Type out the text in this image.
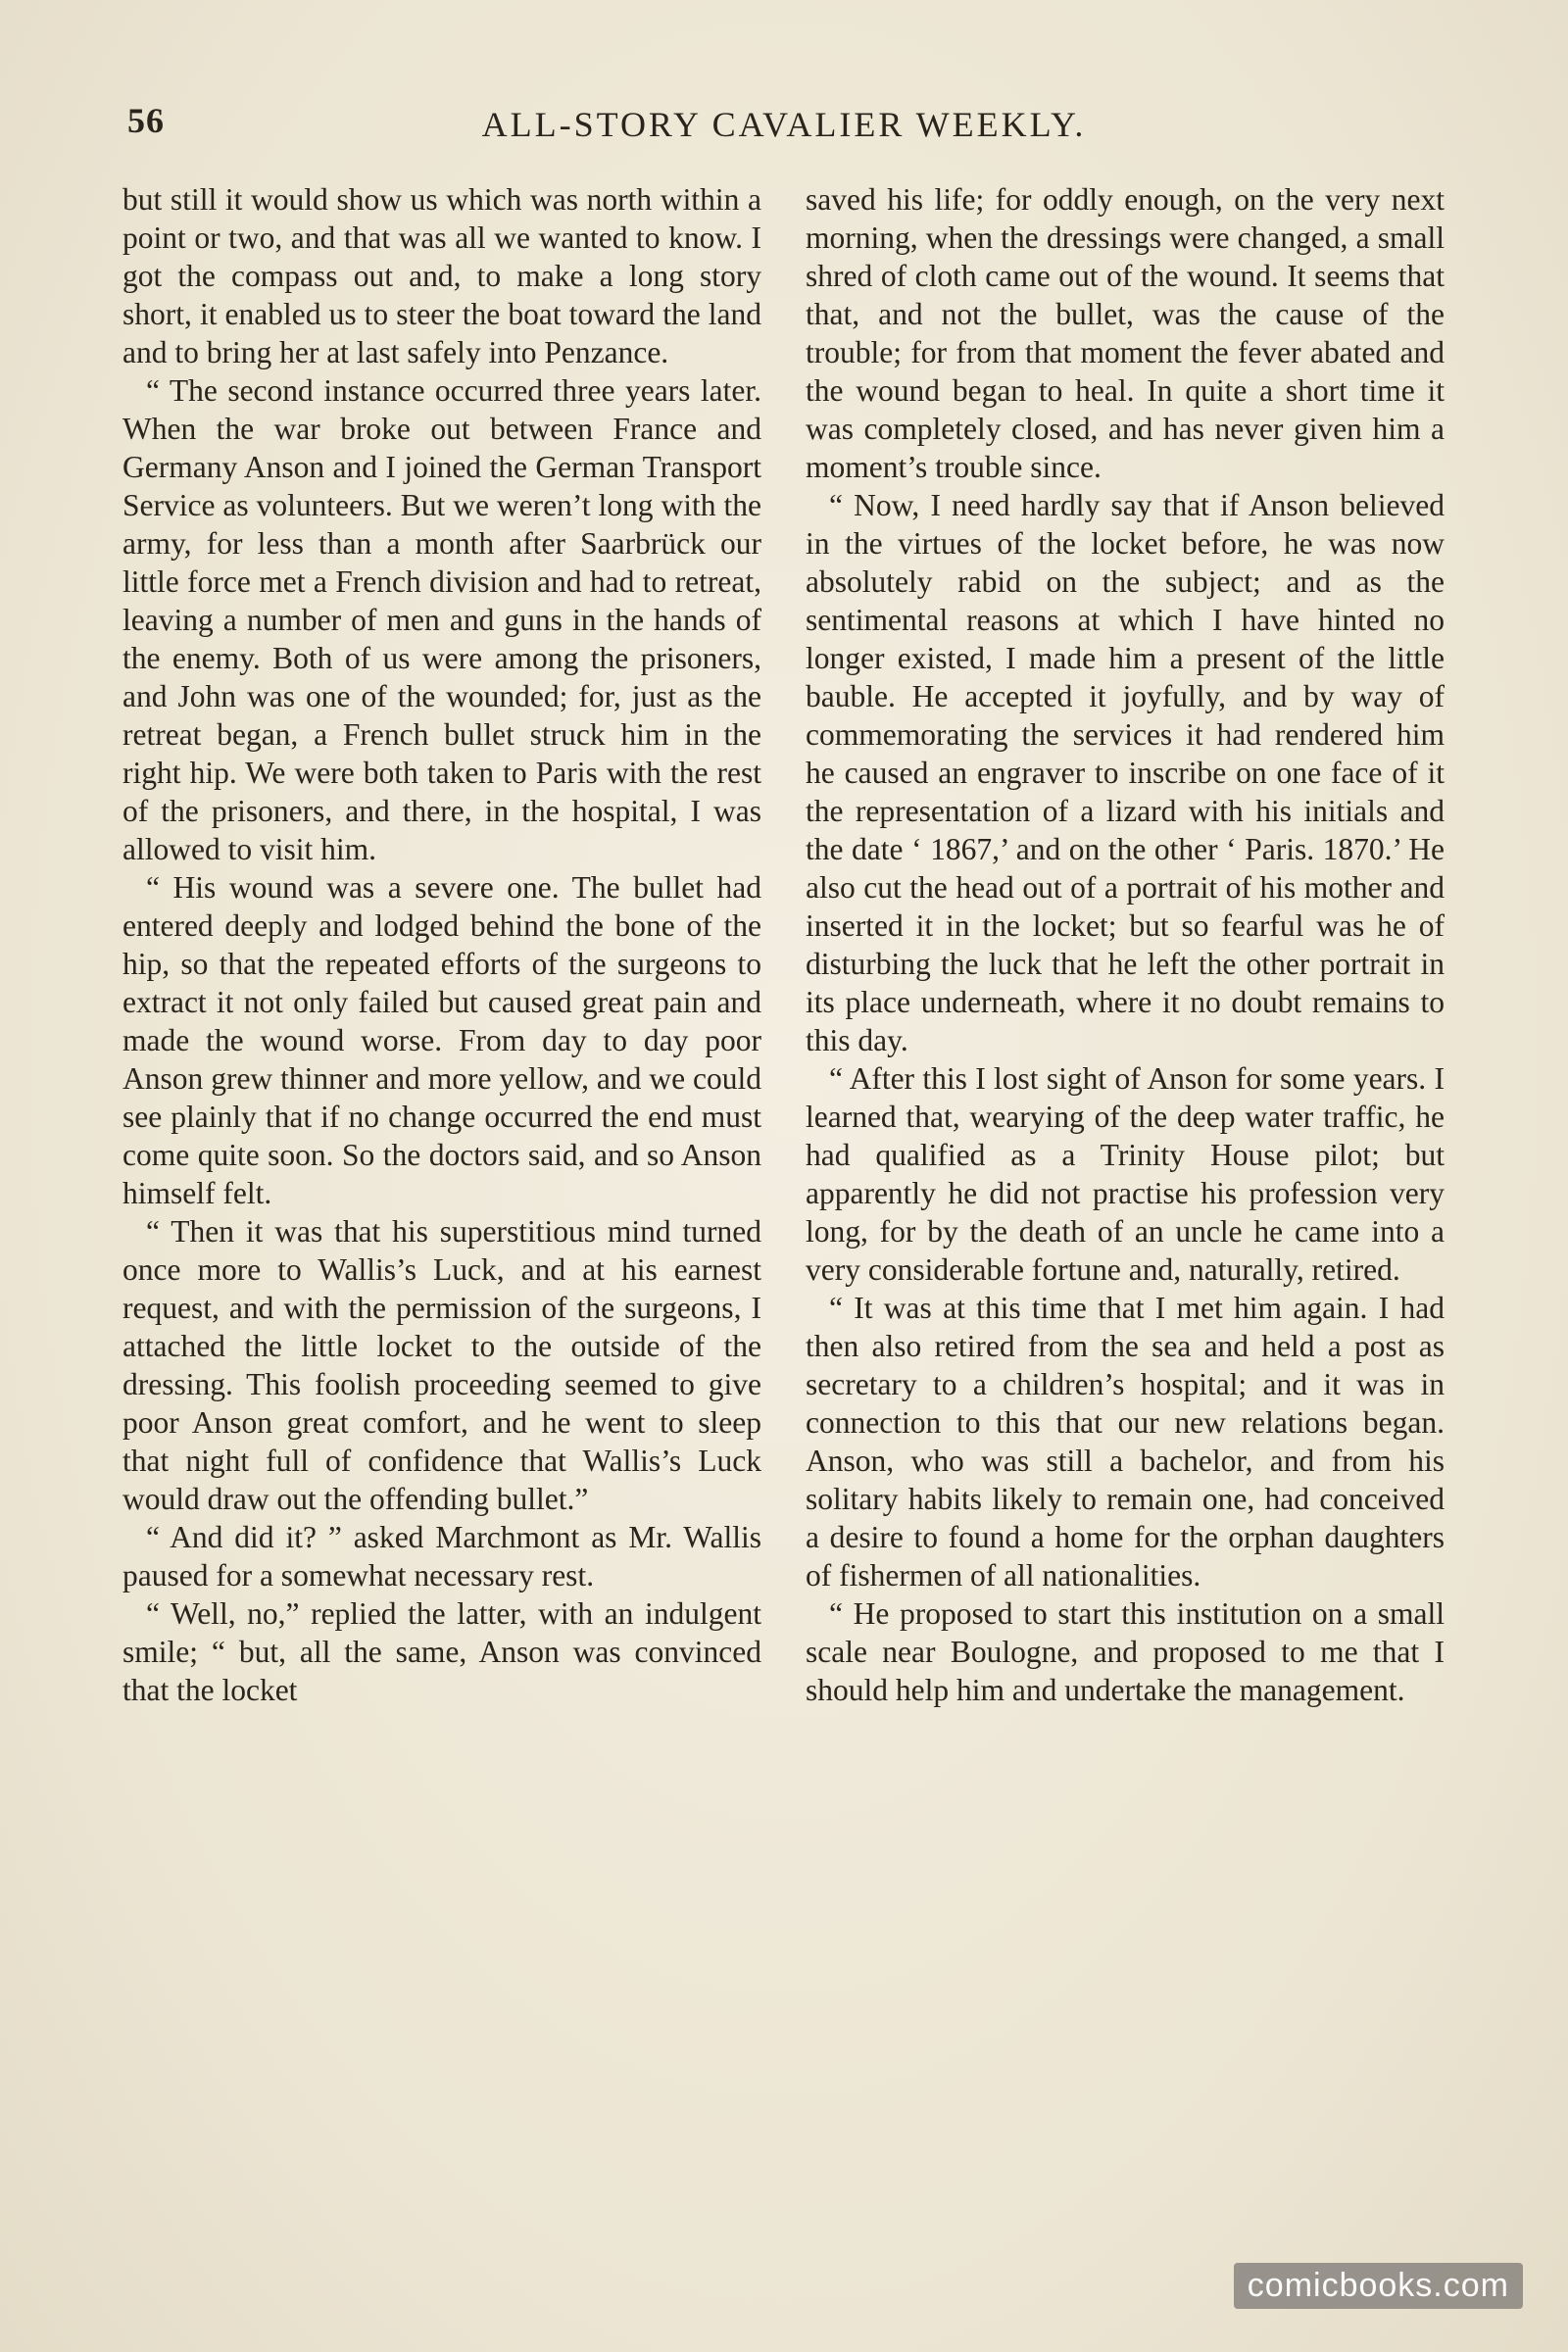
56	ALL-STORY CAVALIER WEEKLY.

but still it would show us which was north within a point or two, and that was all we wanted to know. I got the compass out and, to make a long story short, it enabled us to steer the boat toward the land and to bring her at last safely into Penzance.

“ The second instance occurred three years later. When the war broke out between France and Germany Anson and I joined the German Transport Service as volunteers. But we weren’t long with the army, for less than a month after Saarbrück our little force met a French division and had to retreat, leaving a number of men and guns in the hands of the enemy. Both of us were among the prisoners, and John was one of the wounded; for, just as the retreat began, a French bullet struck him in the right hip. We were both taken to Paris with the rest of the prisoners, and there, in the hospital, I was allowed to visit him.

“ His wound was a severe one. The bullet had entered deeply and lodged behind the bone of the hip, so that the repeated efforts of the surgeons to extract it not only failed but caused great pain and made the wound worse. From day to day poor Anson grew thinner and more yellow, and we could see plainly that if no change occurred the end must come quite soon. So the doctors said, and so Anson himself felt.

“ Then it was that his superstitious mind turned once more to Wallis’s Luck, and at his earnest request, and with the permission of the surgeons, I attached the little locket to the outside of the dressing. This foolish proceeding seemed to give poor Anson great comfort, and he went to sleep that night full of confidence that Wallis’s Luck would draw out the offending bullet.”

“ And did it? ” asked Marchmont as Mr. Wallis paused for a somewhat necessary rest.

“ Well, no,” replied the latter, with an indulgent smile; “ but, all the same, Anson was convinced that the locket

saved his life; for oddly enough, on the very next morning, when the dressings were changed, a small shred of cloth came out of the wound. It seems that that, and not the bullet, was the cause of the trouble; for from that moment the fever abated and the wound began to heal. In quite a short time it was completely closed, and has never given him a moment’s trouble since.

“ Now, I need hardly say that if Anson believed in the virtues of the locket before, he was now absolutely rabid on the subject; and as the sentimental reasons at which I have hinted no longer existed, I made him a present of the little bauble. He accepted it joyfully, and by way of commemorating the services it had rendered him he caused an engraver to inscribe on one face of it the representation of a lizard with his initials and the date ‘ 1867,’ and on the other ‘ Paris. 1870.’ He also cut the head out of a portrait of his mother and inserted it in the locket; but so fearful was he of disturbing the luck that he left the other portrait in its place underneath, where it no doubt remains to this day.

“ After this I lost sight of Anson for some years. I learned that, wearying of the deep water traffic, he had qualified as a Trinity House pilot; but apparently he did not practise his profession very long, for by the death of an uncle he came into a very considerable fortune and, naturally, retired.

“ It was at this time that I met him again. I had then also retired from the sea and held a post as secretary to a children’s hospital; and it was in connection to this that our new relations began. Anson, who was still a bachelor, and from his solitary habits likely to remain one, had conceived a desire to found a home for the orphan daughters of fishermen of all nationalities.

“ He proposed to start this institution on a small scale near Boulogne, and proposed to me that I should help him and undertake the management.

comicbooks.com
